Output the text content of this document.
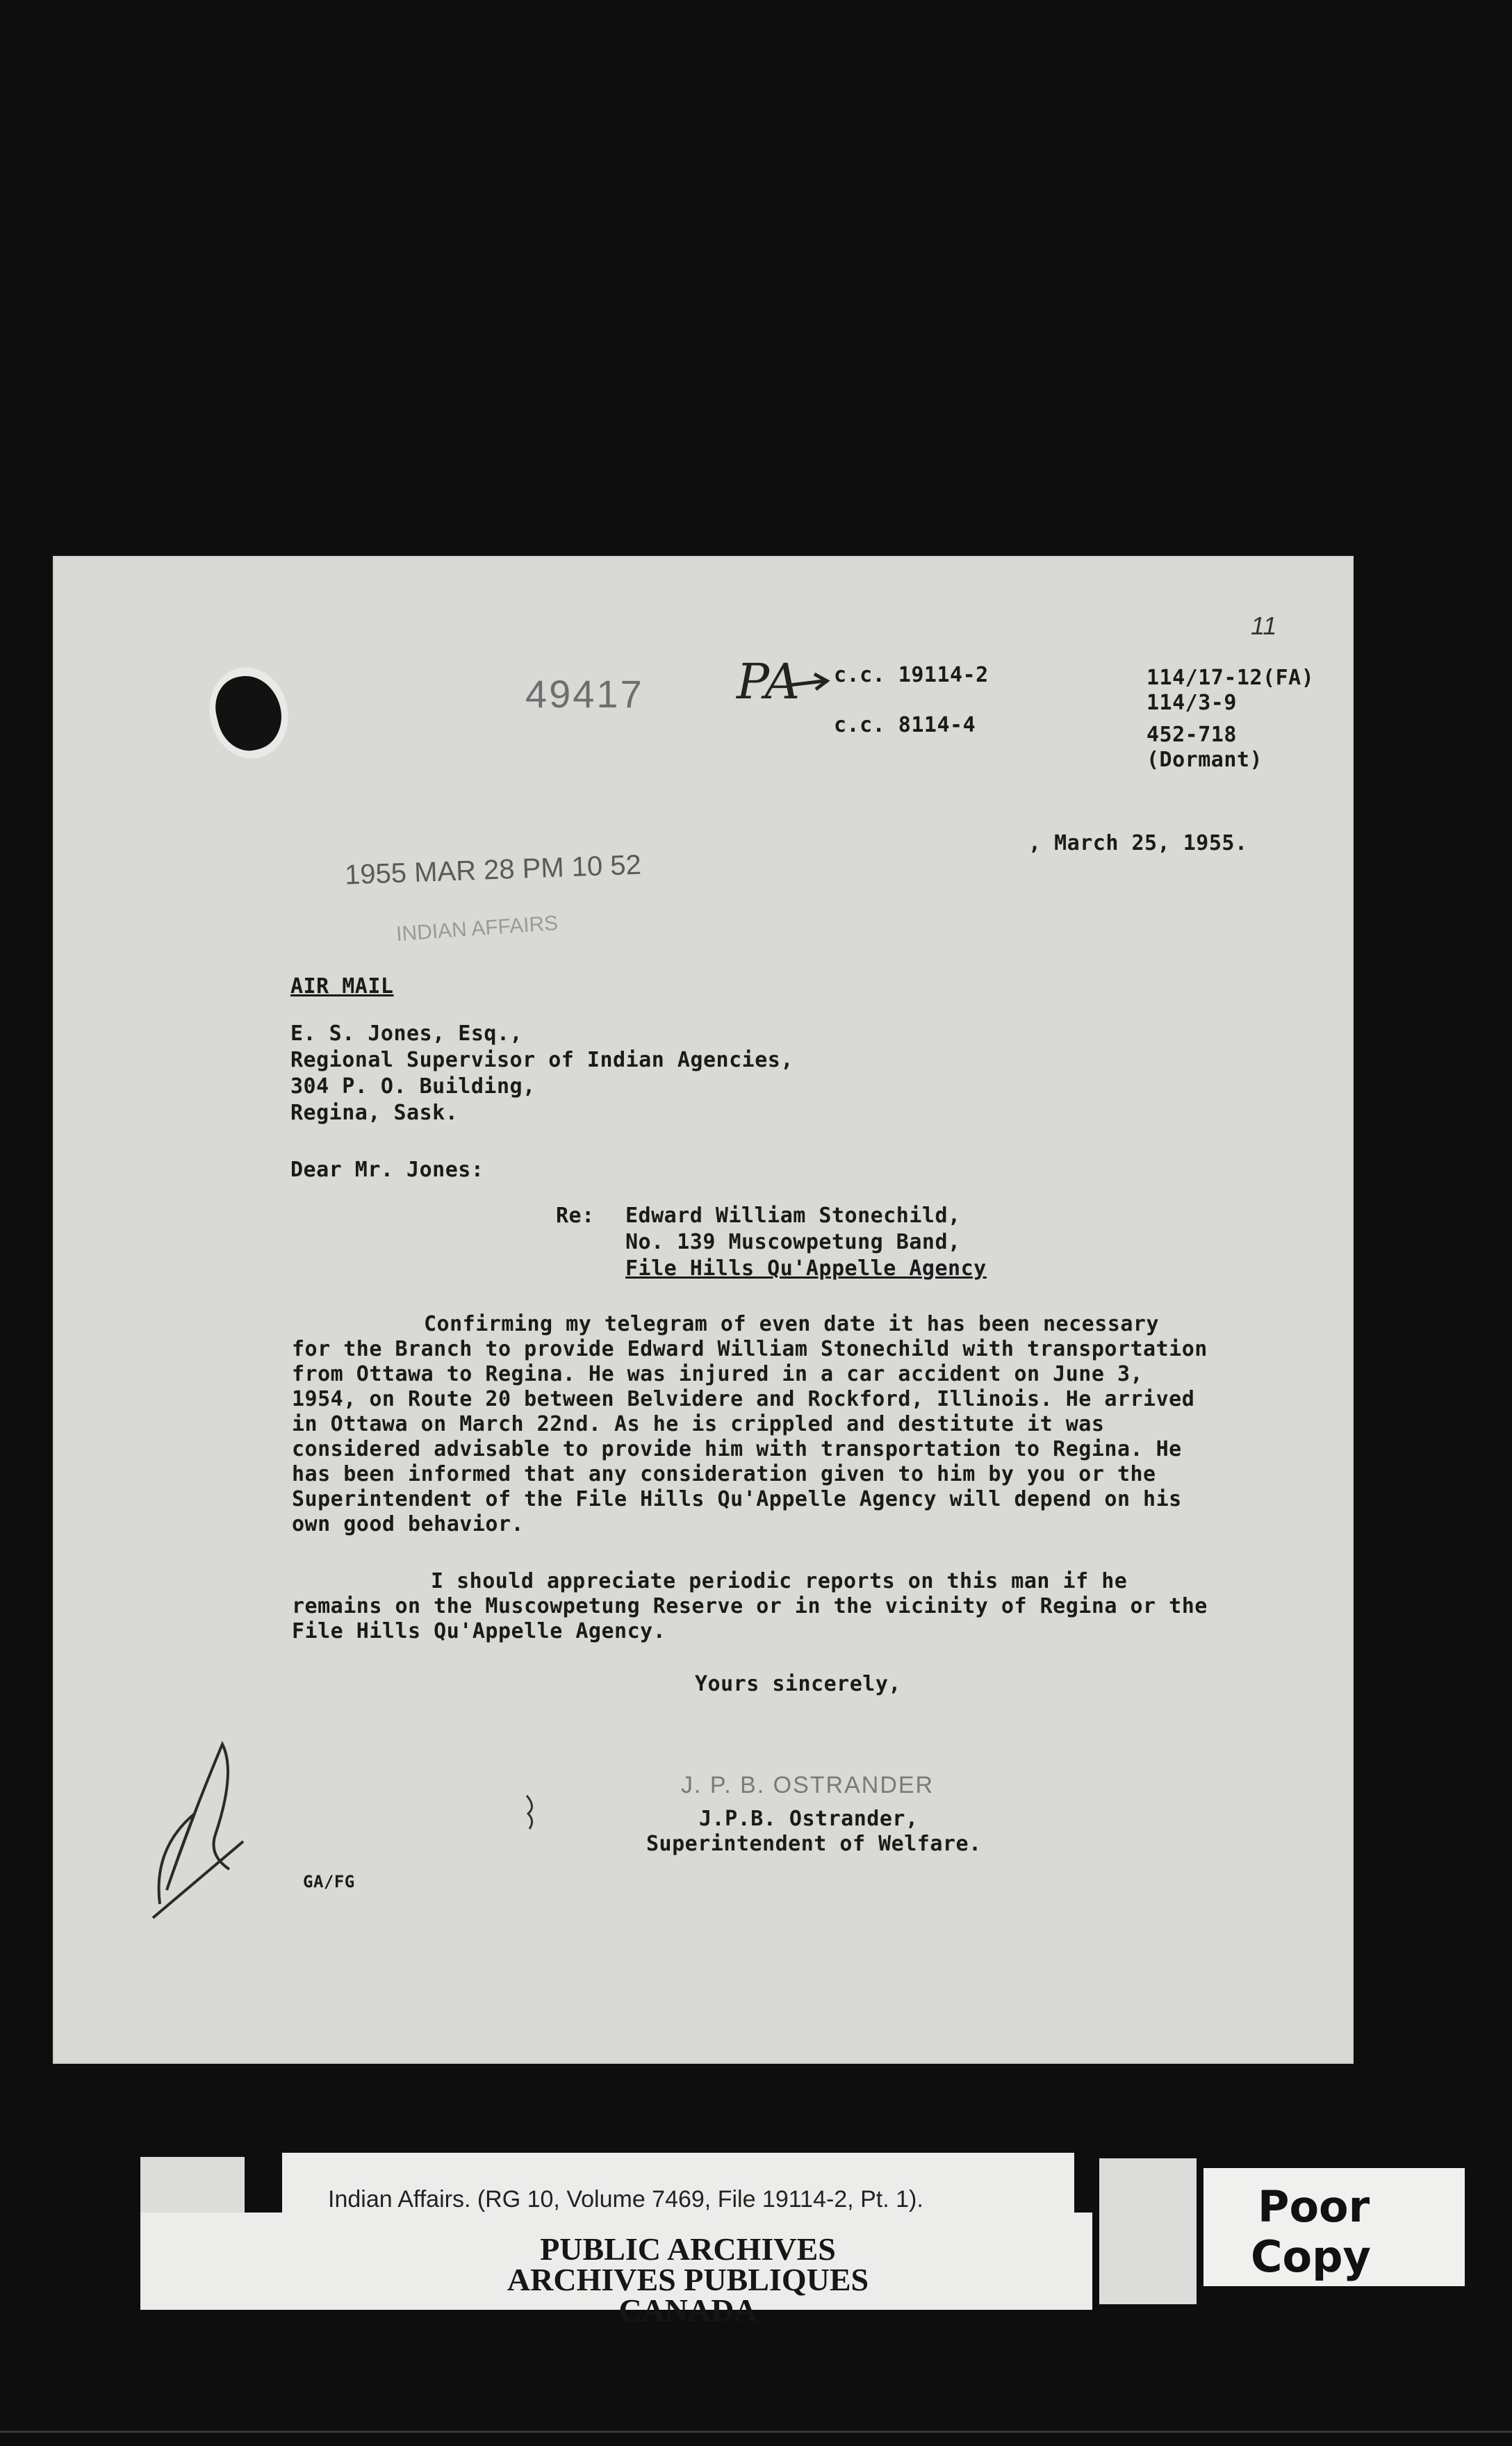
49417 PA c.c. 19114-2
c.c. 8114-4
114/17-12(FA)
114/3-9
452-718
(Dormant)
11
1955 MAR 28 PM 10 52
INDIAN AFFAIRS
, March 25, 1955.
AIR MAIL
E. S. Jones, Esq.,
Regional Supervisor of Indian Agencies,
304 P. O. Building,
Regina, Sask.
Dear Mr. Jones:
Re: Edward William Stonechild,
No. 139 Muscowpetung Band,
File Hills Qu'Appelle Agency
Confirming my telegram of even date it has been necessary
for the Branch to provide Edward William Stonechild with transportation
from Ottawa to Regina. He was injured in a car accident on June 3,
1954, on Route 20 between Belvidere and Rockford, Illinois. He arrived
in Ottawa on March 22nd. As he is crippled and destitute it was
considered advisable to provide him with transportation to Regina. He
has been informed that any consideration given to him by you or the
Superintendent of the File Hills Qu'Appelle Agency will depend on his
own good behavior.
I should appreciate periodic reports on this man if he
remains on the Muscowpetung Reserve or in the vicinity of Regina or the
File Hills Qu'Appelle Agency.
Yours sincerely,
J. P. B. OSTRANDER
J.P.B. Ostrander,
Superintendent of Welfare.
GA/FG
Indian Affairs. (RG 10, Volume 7469, File 19114-2, Pt. 1).
PUBLIC ARCHIVES
ARCHIVES PUBLIQUES
CANADA
Poor
Copy
